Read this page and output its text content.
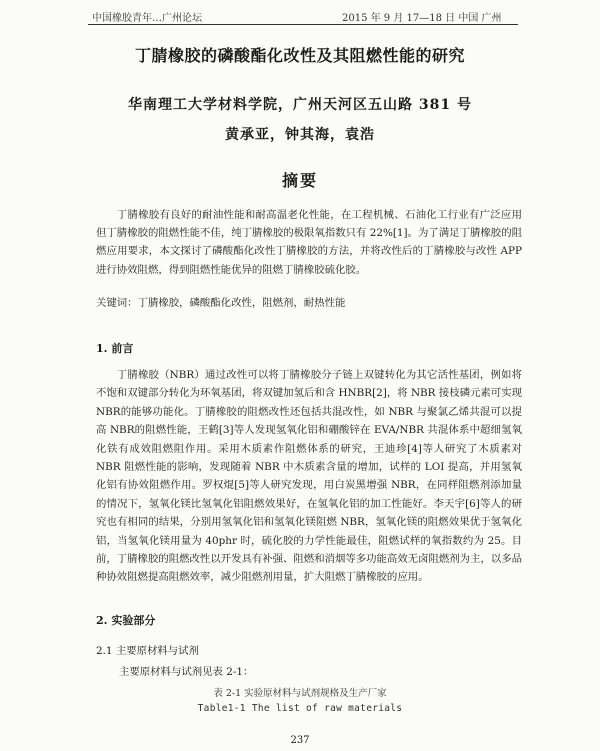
中国橡胶青年…广州论坛	2015 年 9 月 17—18 日 中国 广州
丁腈橡胶的磷酸酯化改性及其阻燃性能的研究
华南理工大学材料学院，广州天河区五山路 381 号
黄承亚，钟其海，袁浩
摘要
丁腈橡胶有良好的耐油性能和耐高温老化性能，在工程机械、石油化工行业有广泛应用但丁腈橡胶的阻燃性能不佳，纯丁腈橡胶的极限氧指数只有 22%[1]。为了满足丁腈橡胶的阻燃应用要求，本文探讨了磷酸酯化改性丁腈橡胶的方法，并将改性后的丁腈橡胶与改性 APP进行协效阻燃，得到阻燃性能优异的阻燃丁腈橡胶硫化胶。
关键词：丁腈橡胶，磷酸酯化改性，阻燃剂，耐热性能
1. 前言
丁腈橡胶（NBR）通过改性可以将丁腈橡胶分子链上双键转化为其它活性基团，例如将不饱和双键部分转化为环氧基团，将双键加氢后和含 HNBR[2]，将 NBR 接枝磷元素可实现 NBR的能够功能化。丁腈橡胶的阻燃改性还包括共混改性，如 NBR 与聚氯乙烯共混可以提高 NBR的阻燃性能，王鹤[3]等人发现氢氧化铝和硼酸锌在 EVA/NBR 共混体系中超细氢氧化铁有成效阻燃阻作用。采用木质素作阻燃体系的研究，王迪珍[4]等人研究了木质素对 NBR 阻燃性能的影响，发现随着 NBR 中木质素含量的增加，试样的 LOI 提高，并用氢氧化铝有协效阻燃作用。罗权焜[5]等人研究发现，用白炭黑增强 NBR，在同样阻燃剂添加量的情况下，氢氧化镁比氢氧化铝阻燃效果好，在氢氧化铝的加工性能好。李天宇[6]等人的研究也有相同的结果，分别用氢氧化铝和氢氧化镁阻燃 NBR，氢氧化镁的阻燃效果优于氢氧化铝，当氢氧化镁用量为 40phr 时，硫化胶的力学性能最佳，阻燃试样的氧指数约为 25。目前，丁腈橡胶的阻燃改性以开发具有补强、阻燃和消烟等多功能高效无卤阻燃剂为主，以多品种协效阻燃提高阻燃效率，减少阻燃剂用量，扩大阻燃丁腈橡胶的应用。
2. 实验部分
2.1 主要原材料与试剂
主要原材料与试剂见表 2-1：
表 2-1 实验原材料与试剂规格及生产厂家
Table1-1 The list of raw materials
237
